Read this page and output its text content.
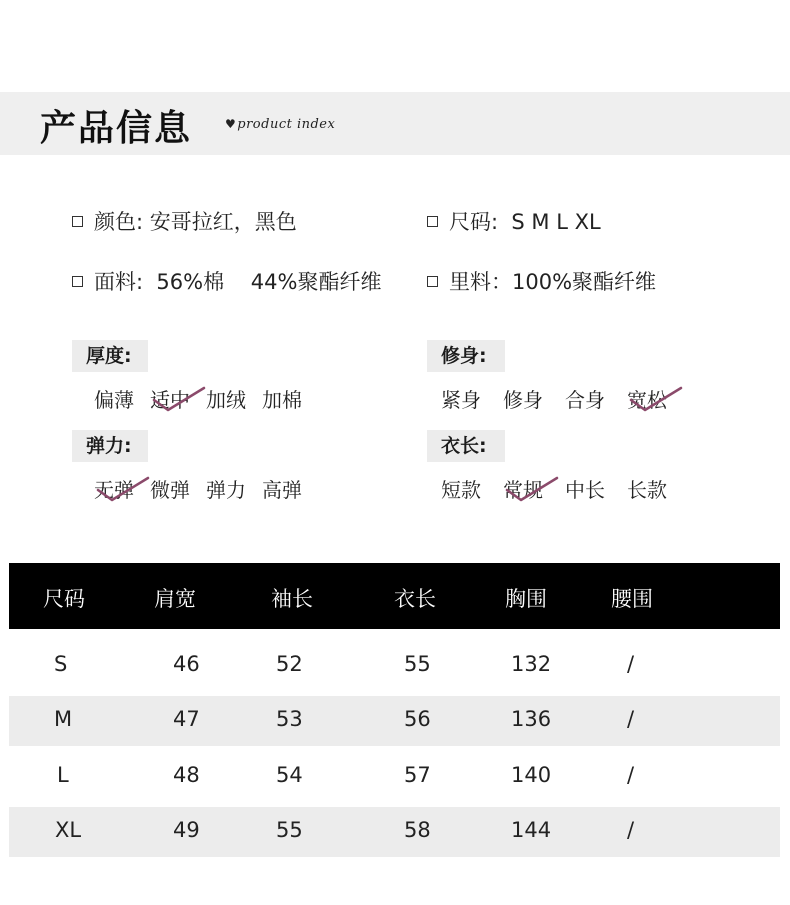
产品信息	♥product index
颜色: 安哥拉红，黑色	尺码:  S M L XL
面料:  56%棉    44%聚酯纤维	里料：100%聚酯纤维
厚度:
偏薄 适中 加绒 加棉
修身:
紧身 修身 合身 宽松
弹力:
无弹 微弹 弹力 高弹
衣长:
短款 常规 中长 长款
尺码	肩宽	袖长	衣长	胸围	腰围
S	46	52	55	132	/
M	47	53	56	136	/
L	48	54	57	140	/
XL	49	55	58	144	/
